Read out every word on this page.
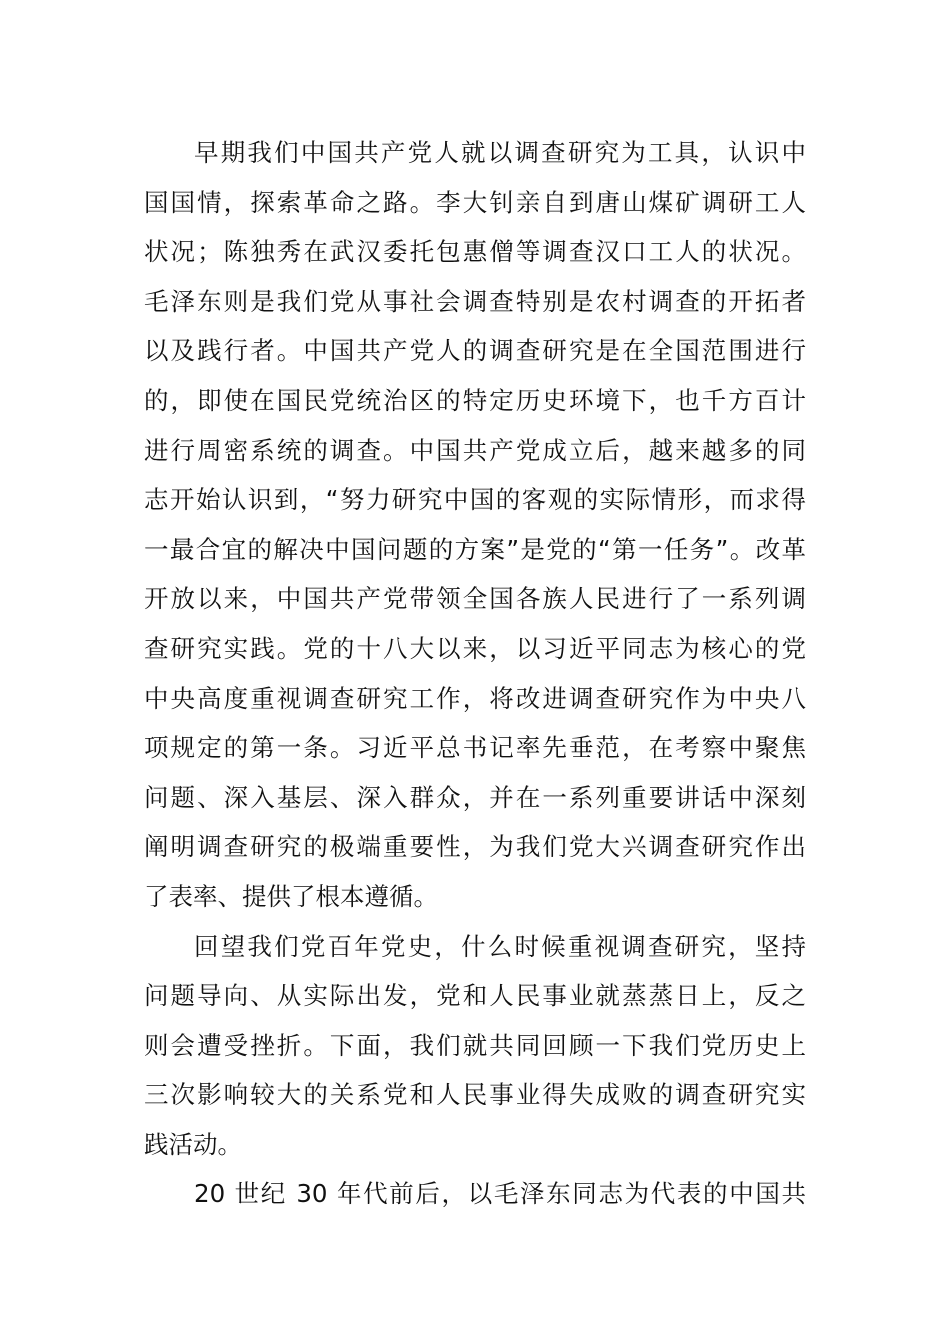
早期我们中国共产党人就以调查研究为工具，认识中
国国情，探索革命之路。李大钊亲自到唐山煤矿调研工人
状况；陈独秀在武汉委托包惠僧等调查汉口工人的状况。
毛泽东则是我们党从事社会调查特别是农村调查的开拓者
以及践行者。中国共产党人的调查研究是在全国范围进行
的，即使在国民党统治区的特定历史环境下，也千方百计
进行周密系统的调查。中国共产党成立后，越来越多的同
志开始认识到，“努力研究中国的客观的实际情形，而求得
一最合宜的解决中国问题的方案”是党的“第一任务”。改革
开放以来，中国共产党带领全国各族人民进行了一系列调
查研究实践。党的十八大以来，以习近平同志为核心的党
中央高度重视调查研究工作，将改进调查研究作为中央八
项规定的第一条。习近平总书记率先垂范，在考察中聚焦
问题、深入基层、深入群众，并在一系列重要讲话中深刻
阐明调查研究的极端重要性，为我们党大兴调查研究作出
了表率、提供了根本遵循。
回望我们党百年党史，什么时候重视调查研究，坚持
问题导向、从实际出发，党和人民事业就蒸蒸日上，反之
则会遭受挫折。下面，我们就共同回顾一下我们党历史上
三次影响较大的关系党和人民事业得失成败的调查研究实
践活动。
20 世纪 30 年代前后，以毛泽东同志为代表的中国共
